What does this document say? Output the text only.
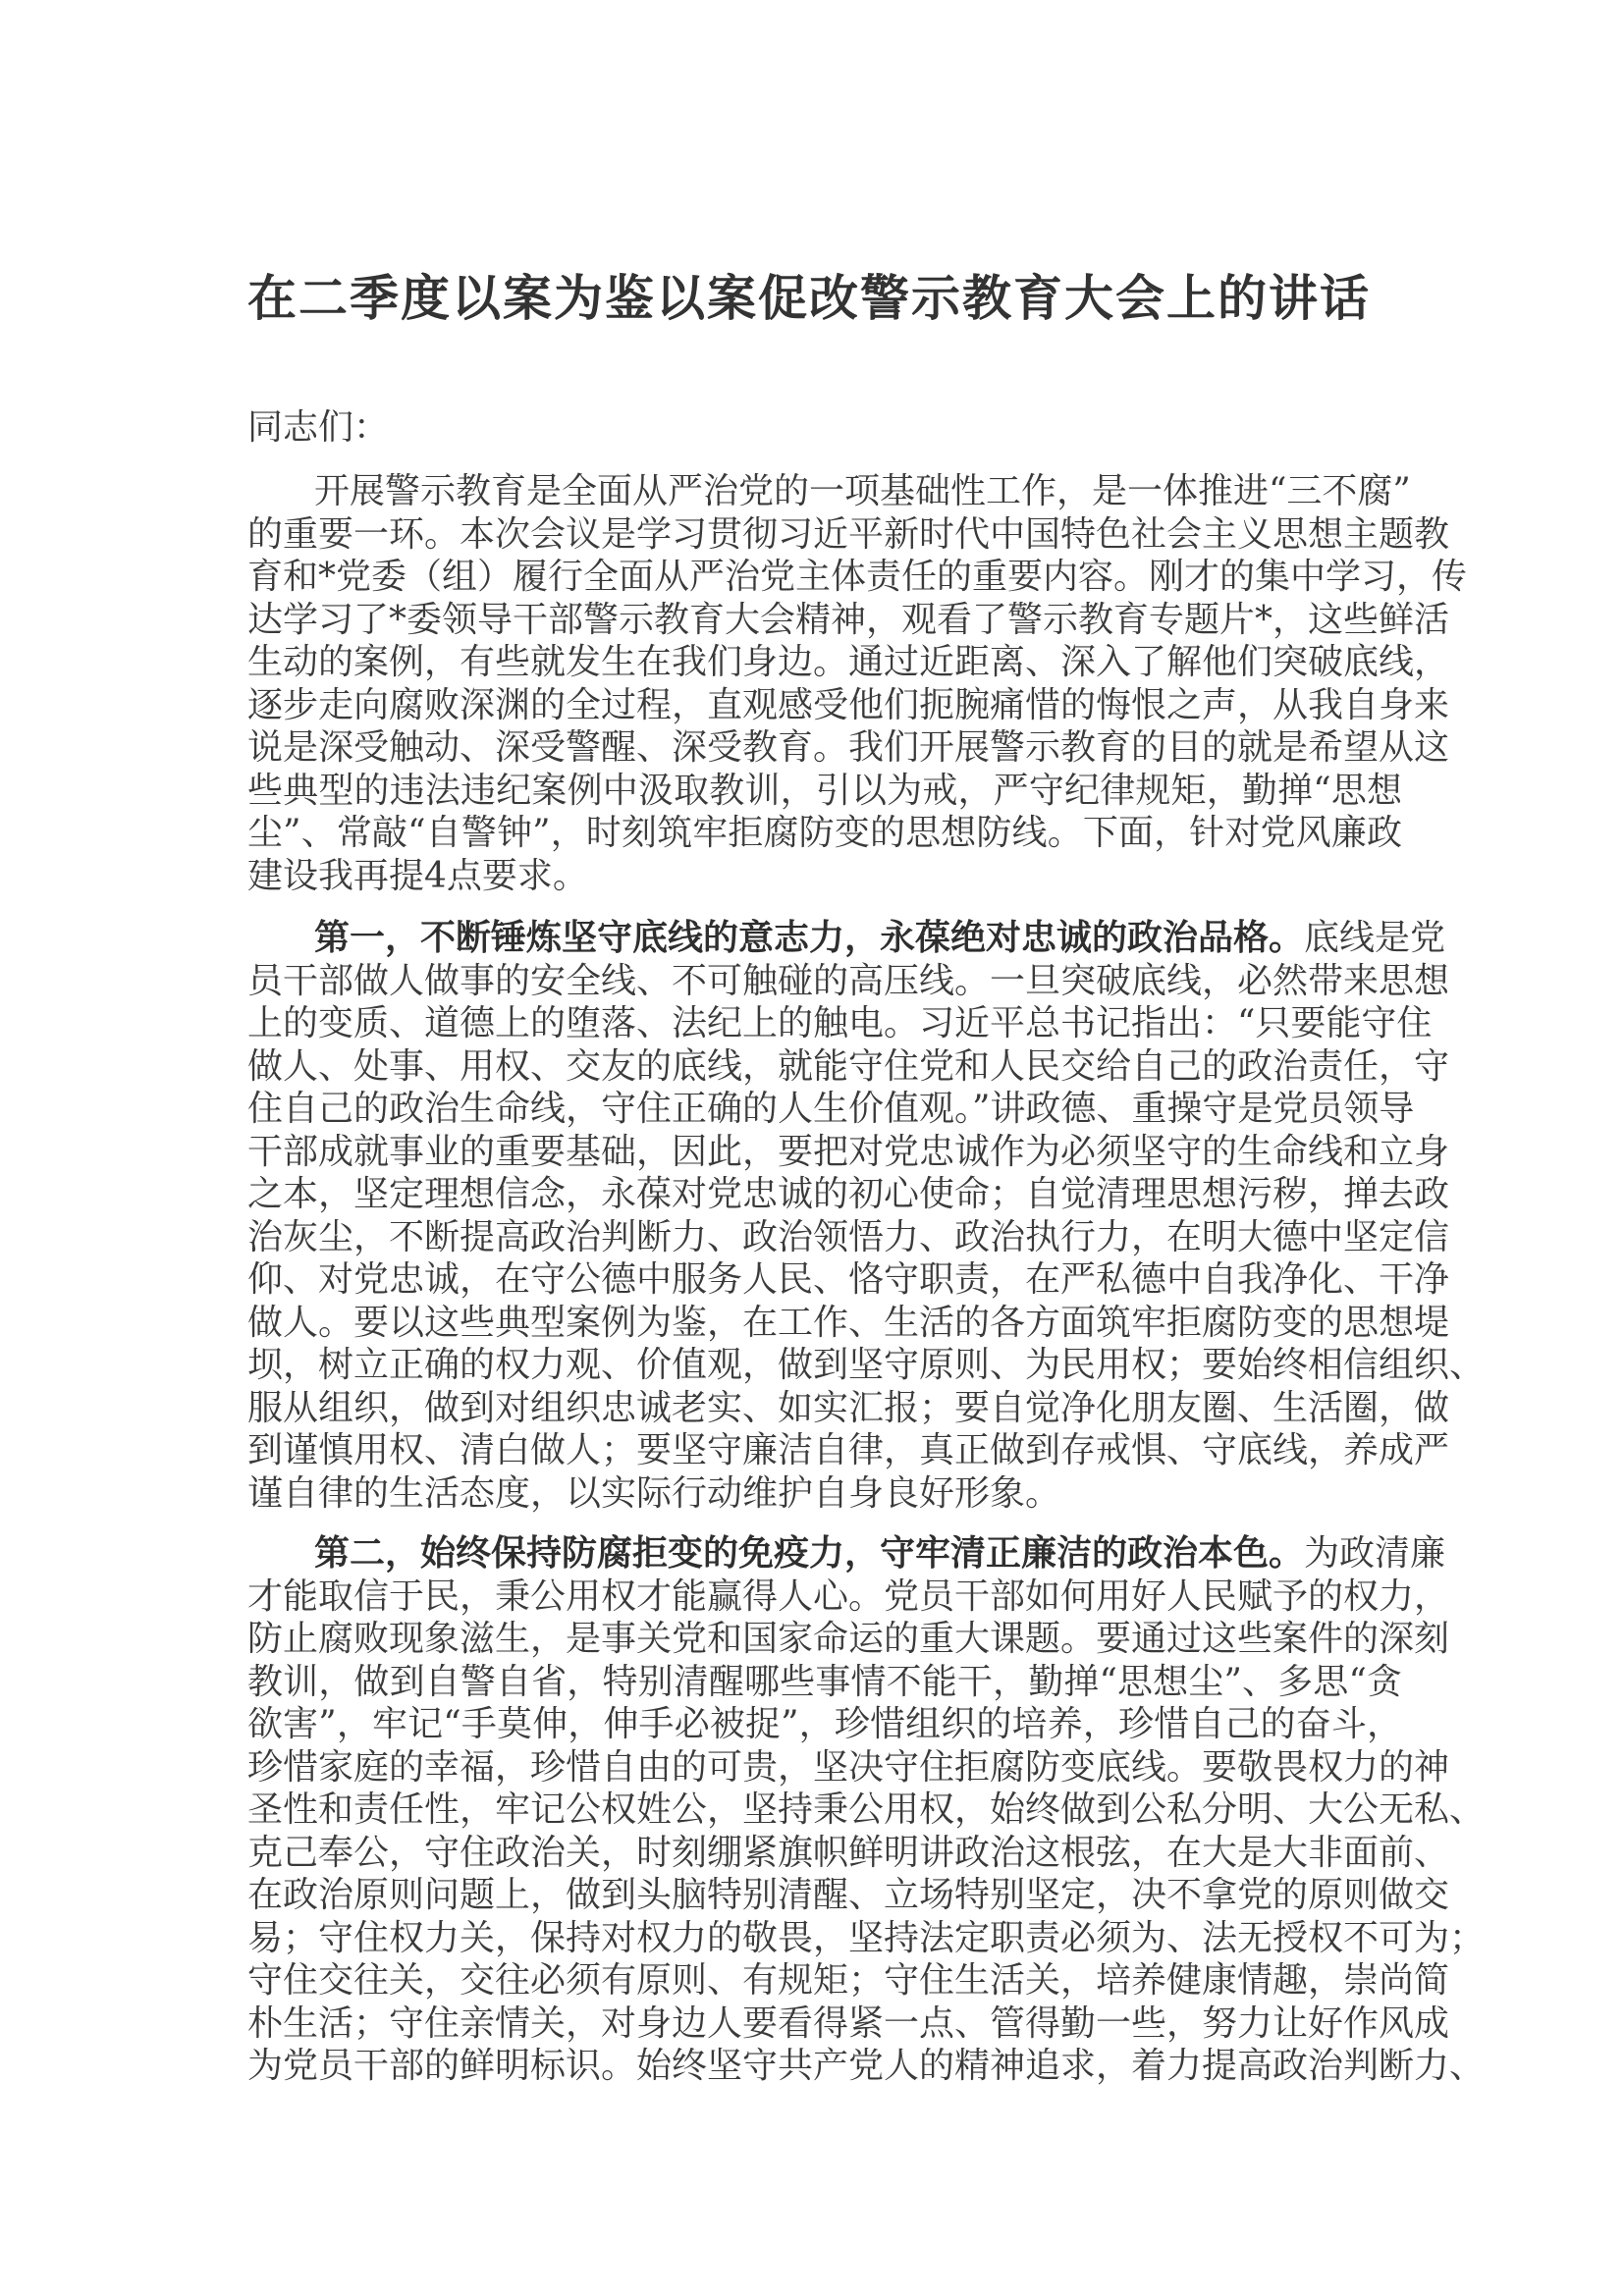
在二季度以案为鉴以案促改警示教育大会上的讲话
同志们：
开展警示教育是全面从严治党的一项基础性工作，是一体推进“三不腐”
的重要一环。本次会议是学习贯彻习近平新时代中国特色社会主义思想主题教
育和*党委（组）履行全面从严治党主体责任的重要内容。刚才的集中学习，传
达学习了*委领导干部警示教育大会精神，观看了警示教育专题片*，这些鲜活
生动的案例，有些就发生在我们身边。通过近距离、深入了解他们突破底线，
逐步走向腐败深渊的全过程，直观感受他们扼腕痛惜的悔恨之声，从我自身来
说是深受触动、深受警醒、深受教育。我们开展警示教育的目的就是希望从这
些典型的违法违纪案例中汲取教训，引以为戒，严守纪律规矩，勤掸“思想
尘”、常敲“自警钟”，时刻筑牢拒腐防变的思想防线。下面，针对党风廉政
建设我再提4点要求。
第一，不断锤炼坚守底线的意志力，永葆绝对忠诚的政治品格。底线是党
员干部做人做事的安全线、不可触碰的高压线。一旦突破底线，必然带来思想
上的变质、道德上的堕落、法纪上的触电。习近平总书记指出：“只要能守住
做人、处事、用权、交友的底线，就能守住党和人民交给自己的政治责任，守
住自己的政治生命线，守住正确的人生价值观。”讲政德、重操守是党员领导
干部成就事业的重要基础，因此，要把对党忠诚作为必须坚守的生命线和立身
之本，坚定理想信念，永葆对党忠诚的初心使命；自觉清理思想污秽，掸去政
治灰尘，不断提高政治判断力、政治领悟力、政治执行力，在明大德中坚定信
仰、对党忠诚，在守公德中服务人民、恪守职责，在严私德中自我净化、干净
做人。要以这些典型案例为鉴，在工作、生活的各方面筑牢拒腐防变的思想堤
坝，树立正确的权力观、价值观，做到坚守原则、为民用权；要始终相信组织、
服从组织，做到对组织忠诚老实、如实汇报；要自觉净化朋友圈、生活圈，做
到谨慎用权、清白做人；要坚守廉洁自律，真正做到存戒惧、守底线，养成严
谨自律的生活态度，以实际行动维护自身良好形象。
第二，始终保持防腐拒变的免疫力，守牢清正廉洁的政治本色。为政清廉
才能取信于民，秉公用权才能赢得人心。党员干部如何用好人民赋予的权力，
防止腐败现象滋生，是事关党和国家命运的重大课题。要通过这些案件的深刻
教训，做到自警自省，特别清醒哪些事情不能干，勤掸“思想尘”、多思“贪
欲害”，牢记“手莫伸，伸手必被捉”，珍惜组织的培养，珍惜自己的奋斗，
珍惜家庭的幸福，珍惜自由的可贵，坚决守住拒腐防变底线。要敬畏权力的神
圣性和责任性，牢记公权姓公，坚持秉公用权，始终做到公私分明、大公无私、
克己奉公，守住政治关，时刻绷紧旗帜鲜明讲政治这根弦，在大是大非面前、
在政治原则问题上，做到头脑特别清醒、立场特别坚定，决不拿党的原则做交
易；守住权力关，保持对权力的敬畏，坚持法定职责必须为、法无授权不可为；
守住交往关，交往必须有原则、有规矩；守住生活关，培养健康情趣，崇尚简
朴生活；守住亲情关，对身边人要看得紧一点、管得勤一些，努力让好作风成
为党员干部的鲜明标识。始终坚守共产党人的精神追求，着力提高政治判断力、
